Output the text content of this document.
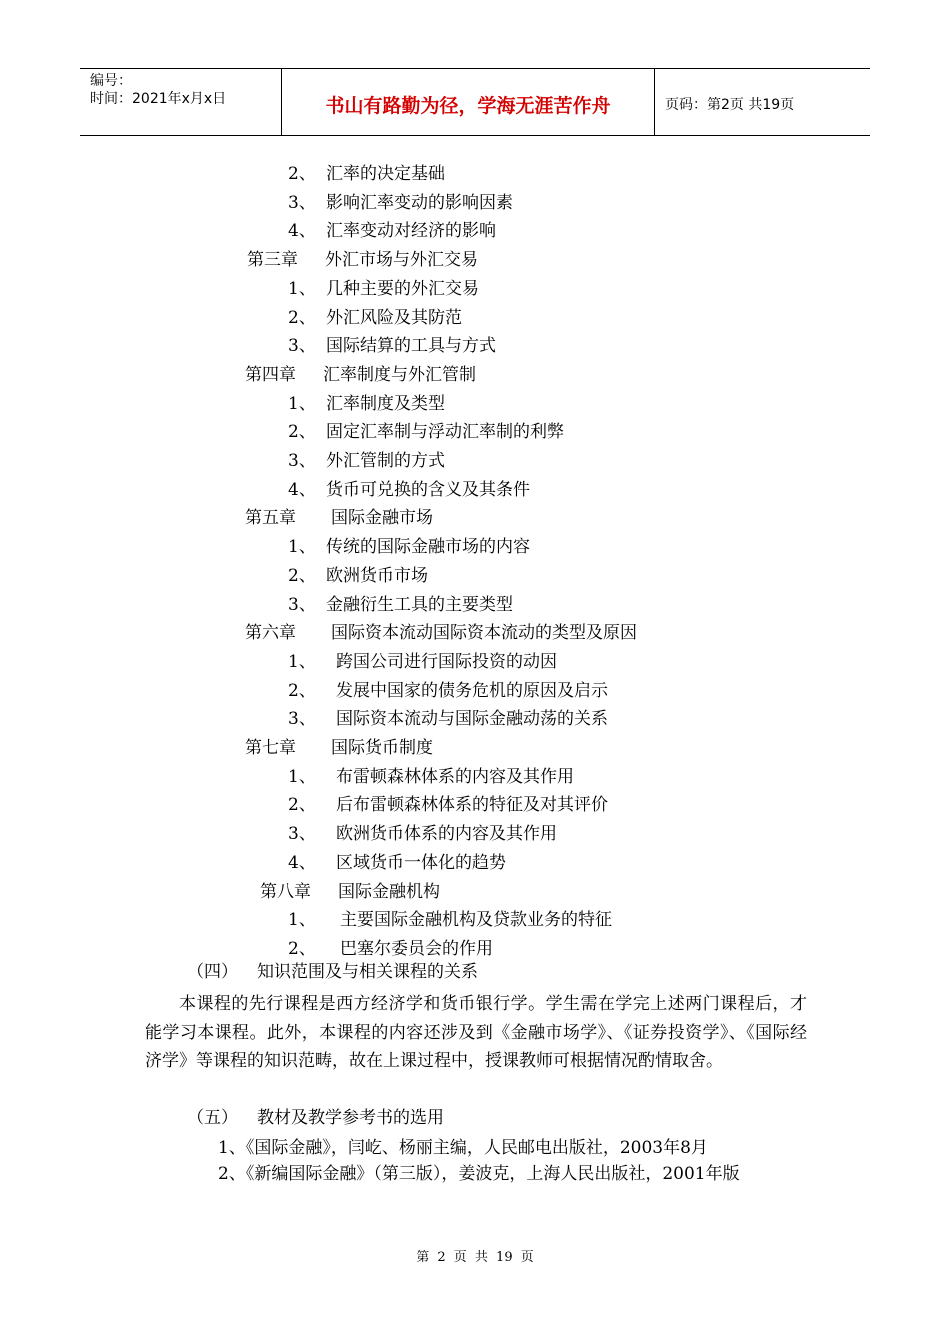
编号：
时间：2021年x月x日	书山有路勤为径，学海无涯苦作舟	页码：第2页 共19页
2、 汇率的决定基础
3、 影响汇率变动的影响因素
4、 汇率变动对经济的影响
第三章 外汇市场与外汇交易
1、 几种主要的外汇交易
2、 外汇风险及其防范
3、 国际结算的工具与方式
第四章 汇率制度与外汇管制
1、 汇率制度及类型
2、 固定汇率制与浮动汇率制的利弊
3、 外汇管制的方式
4、 货币可兑换的含义及其条件
第五章 国际金融市场
1、 传统的国际金融市场的内容
2、 欧洲货币市场
3、 金融衍生工具的主要类型
第六章 国际资本流动国际资本流动的类型及原因
1、 跨国公司进行国际投资的动因
2、 发展中国家的债务危机的原因及启示
3、 国际资本流动与国际金融动荡的关系
第七章 国际货币制度
1、 布雷顿森林体系的内容及其作用
2、 后布雷顿森林体系的特征及对其评价
3、 欧洲货币体系的内容及其作用
4、 区域货币一体化的趋势
第八章 国际金融机构
1、 主要国际金融机构及贷款业务的特征
2、 巴塞尔委员会的作用
（四） 知识范围及与相关课程的关系
本课程的先行课程是西方经济学和货币银行学。学生需在学完上述两门课程后，才能学习本课程。此外，本课程的内容还涉及到《金融市场学》、《证券投资学》、《国际经济学》等课程的知识范畴，故在上课过程中，授课教师可根据情况酌情取舍。
（五） 教材及教学参考书的选用
1、《国际金融》，闫屹、杨丽主编，人民邮电出版社，2003年8月
2、《新编国际金融》（第三版），姜波克，上海人民出版社，2001年版
第 2 页 共 19 页
